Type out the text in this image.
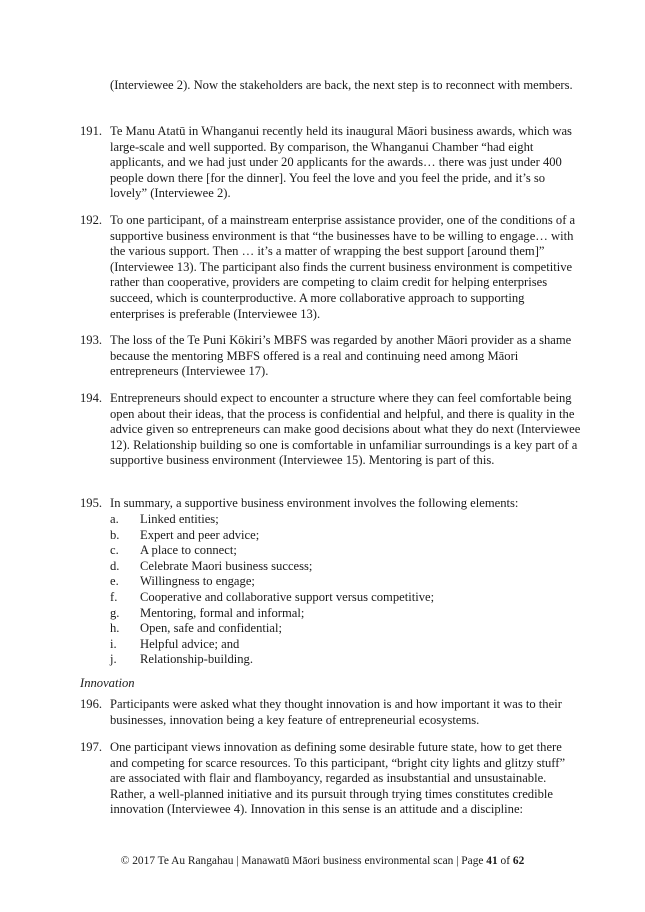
(Interviewee 2). Now the stakeholders are back, the next step is to reconnect with members.

191. Te Manu Atatū in Whanganui recently held its inaugural Māori business awards, which was large-scale and well supported. By comparison, the Whanganui Chamber “had eight applicants, and we had just under 20 applicants for the awards… there was just under 400 people down there [for the dinner]. You feel the love and you feel the pride, and it’s so lovely” (Interviewee 2).

192. To one participant, of a mainstream enterprise assistance provider, one of the conditions of a supportive business environment is that “the businesses have to be willing to engage… with the various support. Then … it’s a matter of wrapping the best support [around them]” (Interviewee 13). The participant also finds the current business environment is competitive rather than cooperative, providers are competing to claim credit for helping enterprises succeed, which is counterproductive. A more collaborative approach to supporting enterprises is preferable (Interviewee 13).

193. The loss of the Te Puni Kōkiri’s MBFS was regarded by another Māori provider as a shame because the mentoring MBFS offered is a real and continuing need among Māori entrepreneurs (Interviewee 17).

194. Entrepreneurs should expect to encounter a structure where they can feel comfortable being open about their ideas, that the process is confidential and helpful, and there is quality in the advice given so entrepreneurs can make good decisions about what they do next (Interviewee 12). Relationship building so one is comfortable in unfamiliar surroundings is a key part of a supportive business environment (Interviewee 15). Mentoring is part of this.

195. In summary, a supportive business environment involves the following elements:

a. Linked entities;
b. Expert and peer advice;
c. A place to connect;
d. Celebrate Maori business success;
e. Willingness to engage;
f. Cooperative and collaborative support versus competitive;
g. Mentoring, formal and informal;
h. Open, safe and confidential;
i. Helpful advice; and
j. Relationship-building.

Innovation

196. Participants were asked what they thought innovation is and how important it was to their businesses, innovation being a key feature of entrepreneurial ecosystems.

197. One participant views innovation as defining some desirable future state, how to get there and competing for scarce resources. To this participant, “bright city lights and glitzy stuff” are associated with flair and flamboyancy, regarded as insubstantial and unsustainable. Rather, a well-planned initiative and its pursuit through trying times constitutes credible innovation (Interviewee 4). Innovation in this sense is an attitude and a discipline:

© 2017 Te Au Rangahau | Manawatū Māori business environmental scan | Page 41 of 62
